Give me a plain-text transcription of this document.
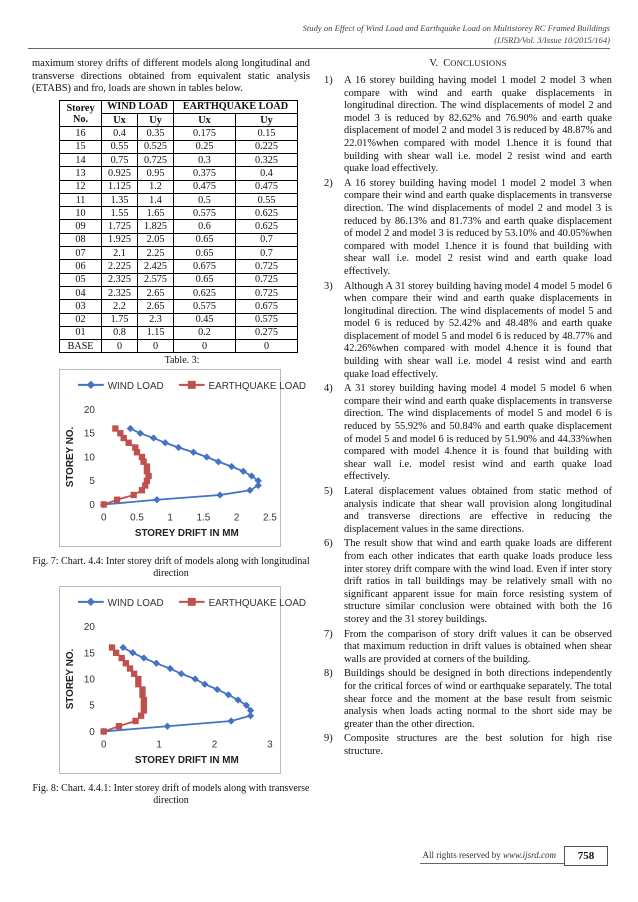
Study on Effect of Wind Load and Earthquake Load on Multistorey RC Framed Buildings
(IJSRD/Vol. 3/Issue 10/2015/164)

maximum storey drifts of different models along longitudinal and transverse directions obtained from equivalent static analysis (ETABS) and fro, loads are shown in tables below.

Storey No.	WIND LOAD		EARTHQUAKE LOAD	
	Ux	Uy	Ux	Uy
16	0.4	0.35	0.175	0.15
15	0.55	0.525	0.25	0.225
14	0.75	0.725	0.3	0.325
13	0.925	0.95	0.375	0.4
12	1.125	1.2	0.475	0.475
11	1.35	1.4	0.5	0.55
10	1.55	1.65	0.575	0.625
09	1.725	1.825	0.6	0.625
08	1.925	2.05	0.65	0.7
07	2.1	2.25	0.65	0.7
06	2.225	2.425	0.675	0.725
05	2.325	2.575	0.65	0.725
04	2.325	2.65	0.625	0.725
03	2.2	2.65	0.575	0.675
02	1.75	2.3	0.45	0.575
01	0.8	1.15	0.2	0.275
BASE	0	0	0	0
Table. 3:
WIND LOAD	EARTHQUAKE LOAD
0
5
10
15
20
0 0.5 1 1.5 2 2.5
STOREY DRIFT IN MM
STOREY NO.
Fig. 7: Chart. 4.4: Inter storey drift of models along with longitudinal direction
WIND LOAD	EARTHQUAKE LOAD
0
5
10
15
20
0	1	2	3
STOREY DRIFT IN MM
STOREY NO.
Fig. 8: Chart. 4.4.1: Inter storey drift of models along with transverse direction
V. CONCLUSIONS
1)	A 16 storey building having model 1 model 2 model 3 when compare with wind and earth quake displacements in longitudinal direction. The wind displacements of model 2 and model 3 is reduced by 82.62% and 76.90% and earth quake displacement of model 2 and model 3 is reduced by 48.87% and 22.01%when compared with model 1.hence it is found that building with shear wall i.e. model 2 resist wind and earth quake load effectively.
2)	A 16 storey building having model 1 model 2 model 3 when compare their wind and earth quake displacements in transverse direction. The wind displacements of model 2 and model 3 is reduced by 86.13% and 81.73% and earth quake displacement of model 2 and model 3 is reduced by 53.10% and 40.05%when compared with model 1.hence it is found that building with shear wall i.e. model 2 resist wind and earth quake load effectively.
3)	Although A 31 storey building having model 4 model 5 model 6 when compare their wind and earth quake displacements in longitudinal direction. The wind displacements of model 5 and model 6 is reduced by 52.42% and 48.48% and earth quake displacement of model 5 and model 6 is reduced by 48.77% and 42.26%when compared with model 4.hence it is found that building with shear wall i.e. model 4 resist wind and earth quake load effectively.
4)	A 31 storey building having model 4 model 5 model 6 when compare their wind and earth quake displacements in transverse direction. The wind displacements of model 5 and model 6 is reduced by 55.92% and 50.84% and earth quake displacement of model 5 and model 6 is reduced by 51.90% and 44.33%when compared with model 4.hence it is found that building with shear wall i.e. model resist wind and earth quake load effectively.
5)	Lateral displacement values obtained from static method of analysis indicate that shear wall provision along longitudinal and transverse directions are effective in reducing the displacement values in the same directions.
6)	The result show that wind and earth quake loads are different from each other indicates that earth quake loads produce less inter storey drift compare with the wind load. Even if inter story drift ratios in tall buildings may be relatively small with no significant apparent issue for main force resisting system of structure similar conclusion were obtained with both the 16 storey and the 31 storey buildings.
7)	From the comparison of story drift values it can be observed that maximum reduction in drift values is obtained when shear walls are provided at corners of the building.
8)	Buildings should be designed in both directions independently for the critical forces of wind or earthquake separately. The total shear force and the moment at the base result from seismic analysis when loads acting normal to the short side may be greater than the other direction.
9)	Composite structures are the best solution for high rise structure.
All rights reserved by www.ijsrd.com	758
